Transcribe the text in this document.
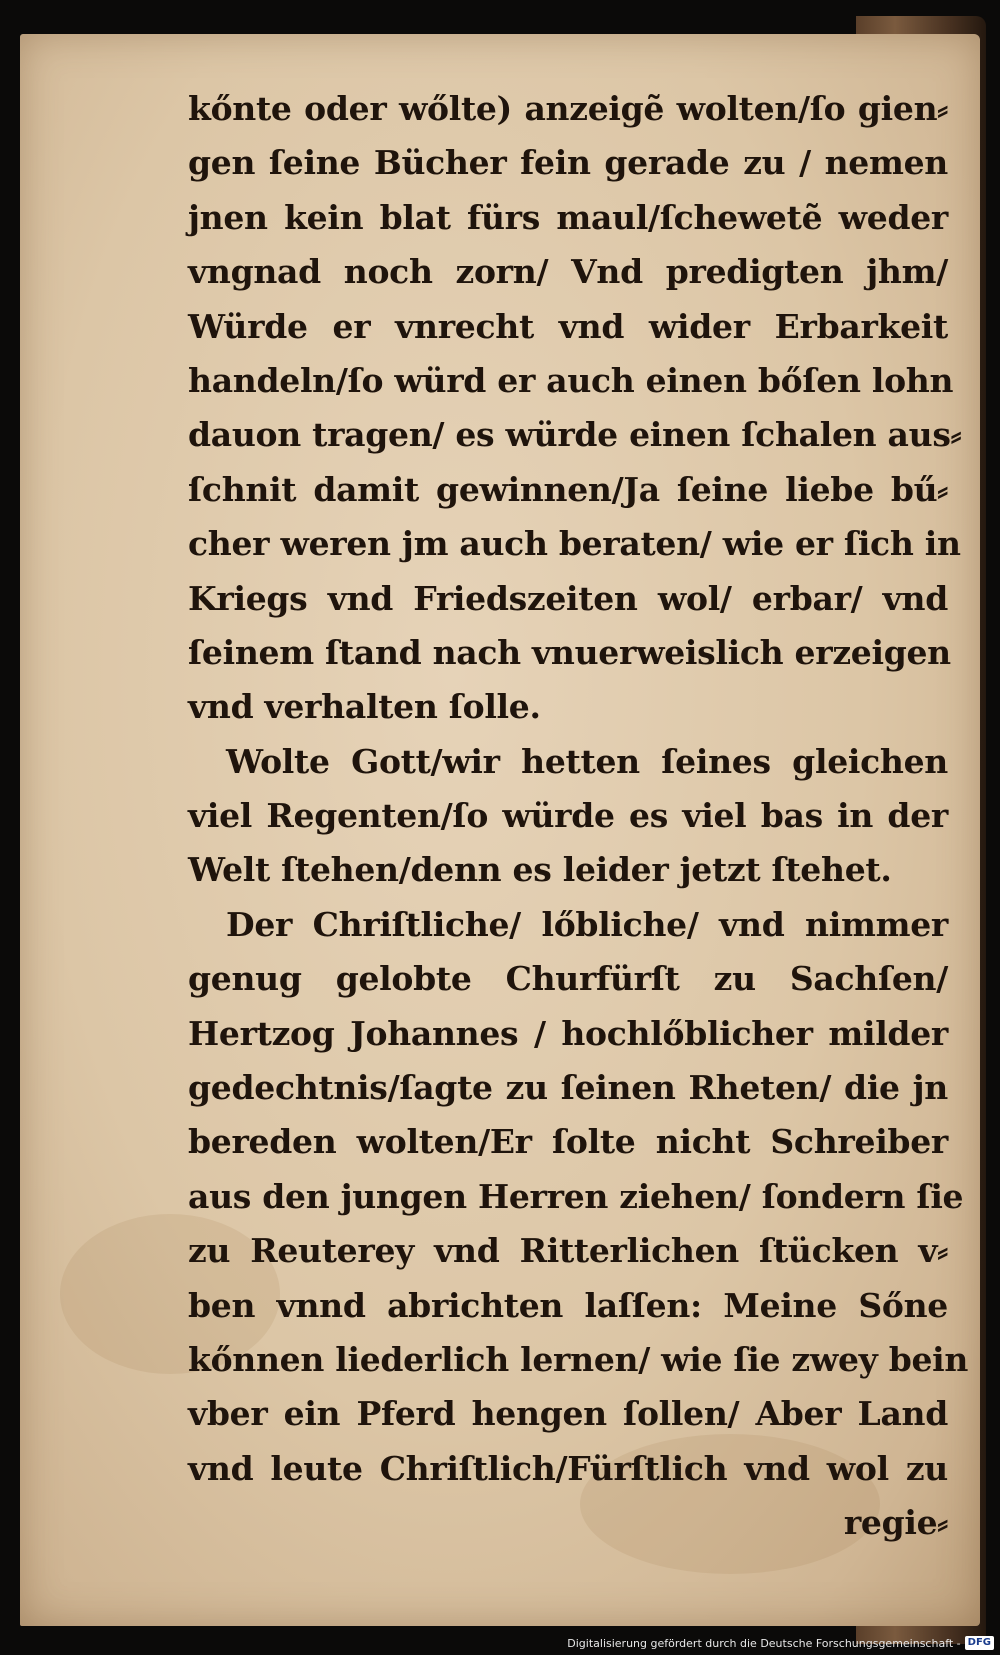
kőnte oder wőlte) anzeigẽ wolten/ſo gien⸗
gen ſeine Bücher fein gerade zu / nemen
jnen kein blat fürs maul/ſchewetẽ weder
vngnad noch zorn/ Vnd predigten jhm/
Würde er vnrecht vnd wider Erbarkeit
handeln/ſo würd er auch einen bőſen lohn
dauon tragen/ es würde einen ſchalen aus⸗
ſchnit damit gewinnen/Ja ſeine liebe bű⸗
cher weren jm auch beraten/ wie er ſich in
Kriegs vnd Friedszeiten wol/ erbar/ vnd
ſeinem ſtand nach vnuerweislich erzeigen
vnd verhalten ſolle.
Wolte Gott/wir hetten ſeines gleichen
viel Regenten/ſo würde es viel bas in der
Welt ſtehen/denn es leider jetzt ſtehet.
Der Chriſtliche/ lőbliche/ vnd nimmer
genug gelobte Churfürſt zu Sachſen/
Hertzog Johannes / hochlőblicher milder
gedechtnis/ſagte zu ſeinen Rheten/ die jn
bereden wolten/Er ſolte nicht Schreiber
aus den jungen Herren ziehen/ ſondern ſie
zu Reuterey vnd Ritterlichen ſtücken v⸗
ben vnnd abrichten laſſen: Meine Sőne
kőnnen liederlich lernen/ wie ſie zwey bein
vber ein Pferd hengen ſollen/ Aber Land
vnd leute Chriſtlich/Fürſtlich vnd wol zu
regie⸗
Digitalisierung gefördert durch die Deutsche Forschungsgemeinschaft - DFG
